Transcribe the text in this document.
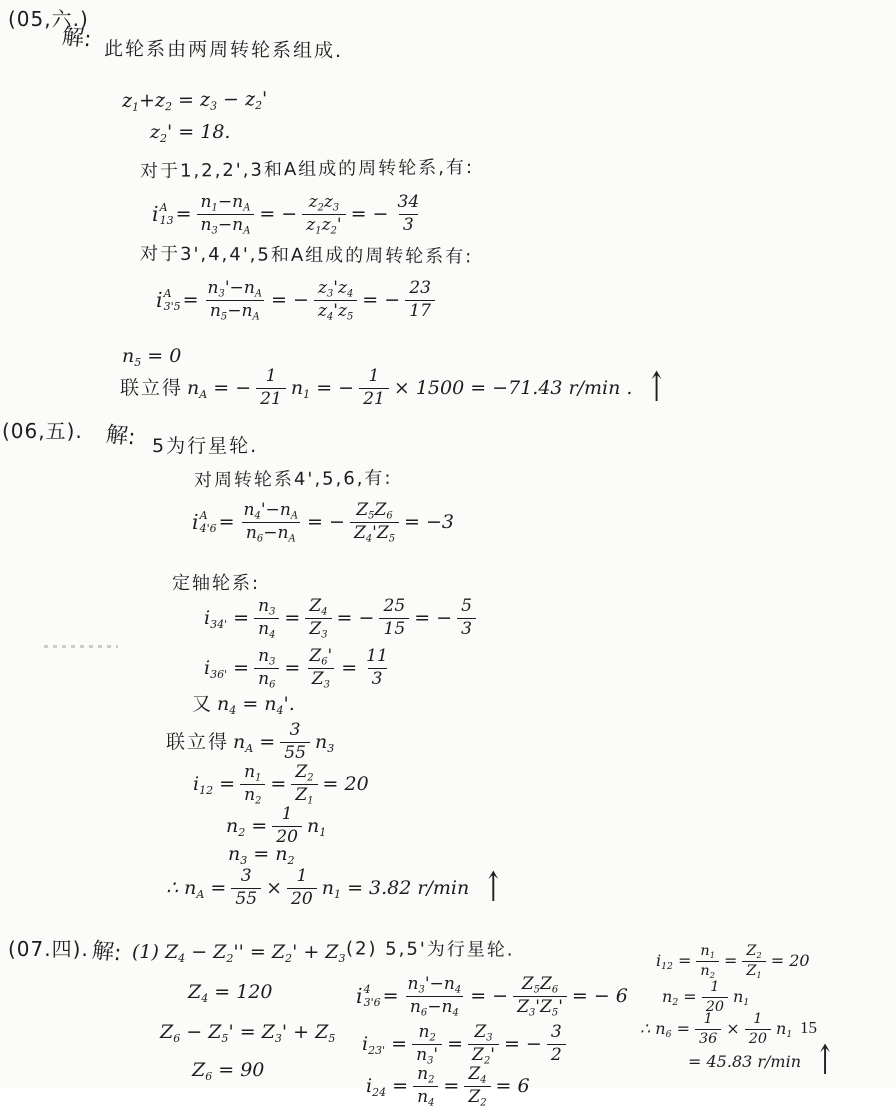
(05,六.)
解: 此轮系由两周转轮系组成.
$z_1+z_2 = z_3 - z_2'$
$z_2' = 18$.
对于1,2,2',3和A组成的周转轮系,有:
i A
$13 = \frac{n_1-n_A}{n_3-n_A}$ = − $\frac{z_2z_3}{z_1z_2'}$ = − $\frac{34}{3}$
对于3',4,4',5和A组成的周转轮系有:
i A
$3'5 = \frac{n_3'-n_A}{n_5-n_A}$ = − $\frac{z_3'z_4}{z_4'z_5}$ = − $\frac{23}{17}$
$n_5 = 0$
联立得 $n_A$ = − $\frac{1}{21} n_1$ = − $\frac{1}{21} \times 1500 = -71.43$ r/min . ↑
(06,五). 解: 5为行星轮.
对周转轮系4',5,6,有:
i A
$4'6 = \frac{n_4'-n_A}{n_6-n_A}$ = − $\frac{Z_5Z_6}{Z_4'Z_5} = -3$
定轴轮系:
$i_{34'} = \frac{n_3}{n_4} = \frac{Z_4}{Z_3}$ = − $\frac{25}{15}$ = − $\frac{5}{3}$
$i_{36'} = \frac{n_3}{n_6} = \frac{Z_6'}{Z_3} = \frac{11}{3}$
又 $n_4 = n_4'$.
联立得 $n_A = \frac{3}{55} n_3$
$i_{12} = \frac{n_1}{n_2} = \frac{Z_2}{Z_1} = 20$
$n_2 = \frac{1}{20} n_1$
$n_3 = n_2$
∴ $n_A = \frac{3}{55} \times \frac{1}{20} n_1 = 3.82$ r/min ↑
(07.四). 解: (1) $Z_4 - Z_2'' = Z_2' + Z_3$
$Z_4 = 120$
$Z_6 - Z_5' = Z_3' + Z_5$
$Z_6 = 90$
(2) 5,5'为行星轮.
i 4
$3'6 = \frac{n_3'-n_4}{n_6-n_4}$ = − $\frac{Z_5Z_6}{Z_3'Z_5'}$ = − 6
$i_{23'} = \frac{n_2}{n_3'} = \frac{Z_3}{Z_2'}$ = − $\frac{3}{2}$
$i_{24} = \frac{n_2}{n_4} = \frac{Z_4}{Z_2} = 6$
$i_{12} = \frac{n_1}{n_2} = \frac{Z_2}{Z_1} = 20$
$n_2 = \frac{1}{20} n_1$
∴ $n_6 = \frac{1}{36} \times \frac{1}{20} n_1$ 15
= 45.83 r/min ↑
